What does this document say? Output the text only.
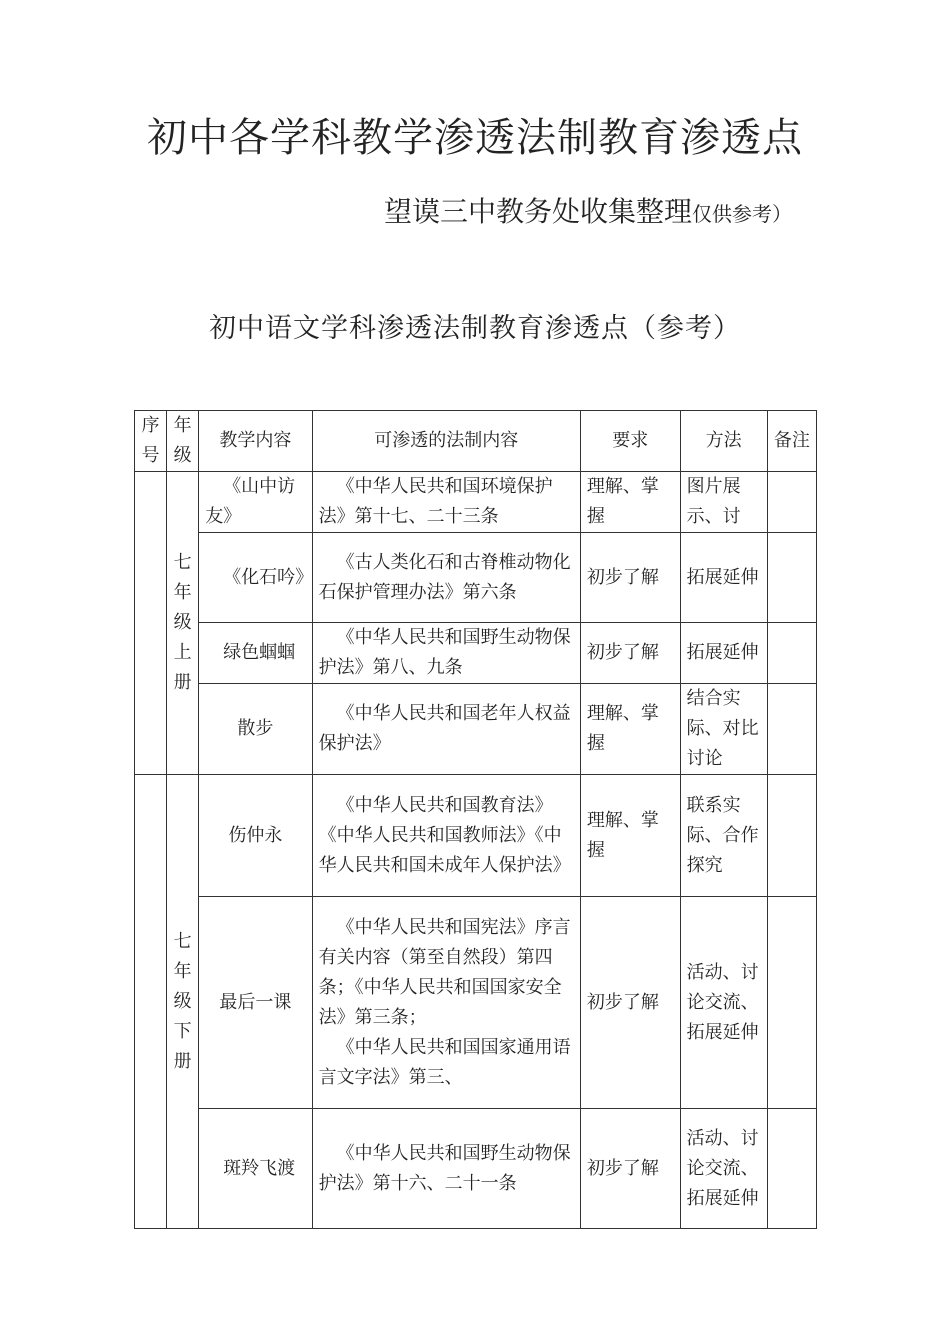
初中各学科教学渗透法制教育渗透点
望谟三中教务处收集整理仅供参考）
初中语文学科渗透法制教育渗透点（参考）
序号	年级	教学内容	可渗透的法制内容	要求	方法	备注
	七年级上册	《山中访友》	《中华人民共和国环境保护法》第十七、二十三条	理解、掌握	图片展示、讨	
		《化石吟》	《古人类化石和古脊椎动物化石保护管理办法》第六条	初步了解	拓展延伸	
		绿色蝈蝈	《中华人民共和国野生动物保护法》第八、九条	初步了解	拓展延伸	
		散步	《中华人民共和国老年人权益保护法》	理解、掌握	结合实际、对比讨论	
	七年级下册	伤仲永	《中华人民共和国教育法》《中华人民共和国教师法》《中华人民共和国未成年人保护法》	理解、掌握	联系实际、合作探究	
		最后一课	《中华人民共和国宪法》序言有关内容（第至自然段）第四条；《中华人民共和国国家安全法》第三条；
《中华人民共和国国家通用语言文字法》第三、	初步了解	活动、讨论交流、拓展延伸	
		斑羚飞渡	《中华人民共和国野生动物保护法》第十六、二十一条	初步了解	活动、讨论交流、拓展延伸	
